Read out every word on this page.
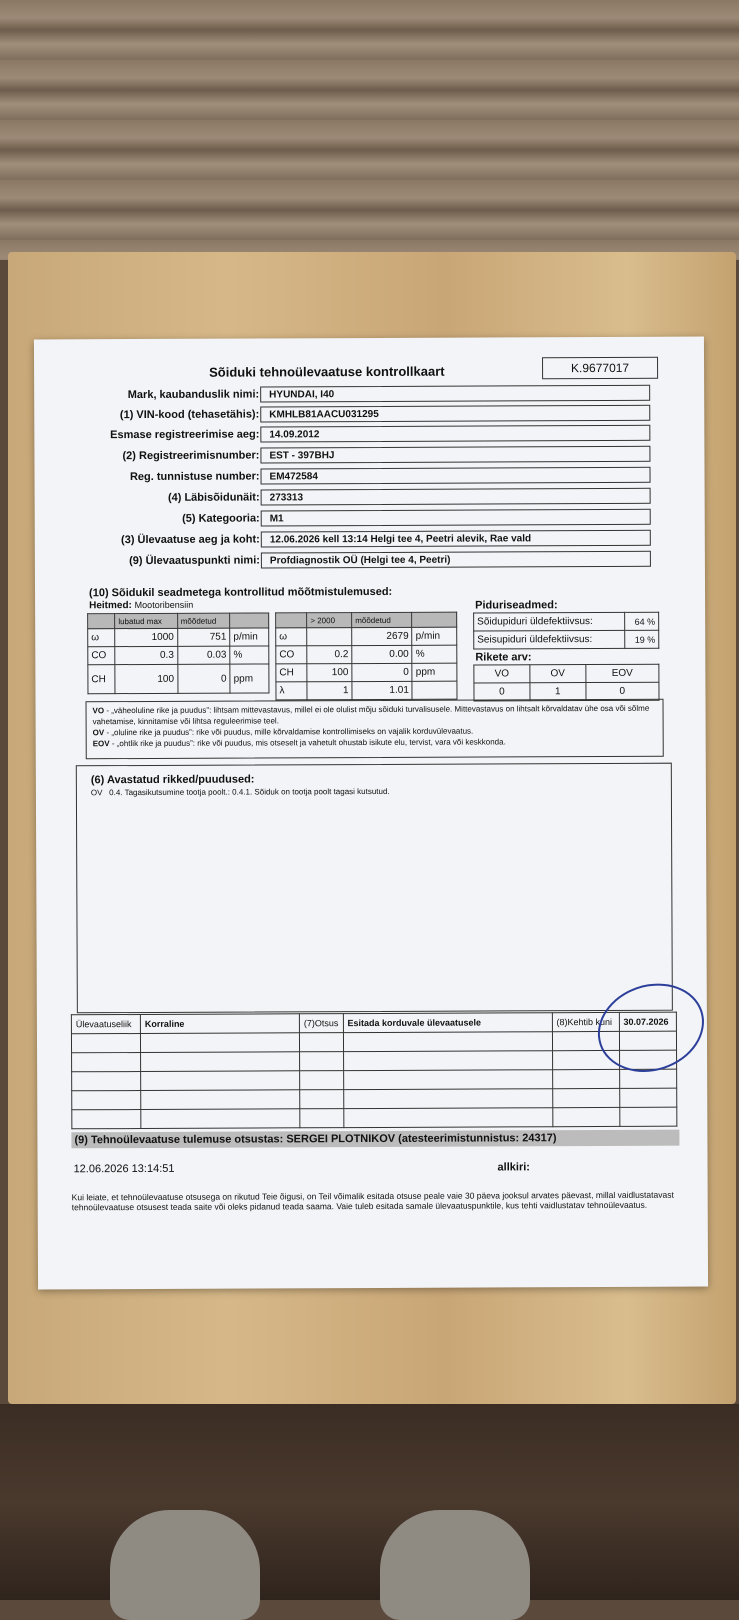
Sõiduki tehnoülevaatuse kontrollkaart	K.9677017
Mark, kaubanduslik nimi: HYUNDAI, I40
(1) VIN-kood (tehasetähis): KMHLB81AACU031295
Esmase registreerimise aeg: 14.09.2012
(2) Registreerimisnumber: EST - 397BHJ
Reg. tunnistuse number: EM472584
(4) Läbisõidunäit: 273313
(5) Kategooria: M1
(3) Ülevaatuse aeg ja koht: 12.06.2026 kell 13:14 Helgi tee 4, Peetri alevik, Rae vald
(9) Ülevaatuspunkti nimi: Profdiagnostik OÜ (Helgi tee 4, Peetri)
(10) Sõidukil seadmetega kontrollitud mõõtmistulemused:
Heitmed: Mootoribensiin
	lubatud max	mõõdetud	
ω	1000	751	p/min
CO	0.3	0.03	%
CH	100	0	ppm
	> 2000	mõõdetud	
ω		2679	p/min
CO	0.2	0.00	%
CH	100	0	ppm
λ	1	1.01	
Piduriseadmed:
Sõidupiduri üldefektiivsus:	64 %
Seisupiduri üldefektiivsus:	19 %
Rikete arv:
VO	OV	EOV
0	1	0
VO - „väheoluline rike ja puudus”: lihtsam mittevastavus, millel ei ole olulist mõju sõiduki turvalisusele. Mittevastavus on lihtsalt kõrvaldatav ühe osa või sõlme vahetamise, kinnitamise või lihtsa reguleerimise teel.
OV - „oluline rike ja puudus”: rike või puudus, mille kõrvaldamise kontrollimiseks on vajalik korduvülevaatus.
EOV - „ohtlik rike ja puudus”: rike või puudus, mis otseselt ja vahetult ohustab isikute elu, tervist, vara või keskkonda.
(6) Avastatud rikked/puudused:
OV   0.4. Tagasikutsumine tootja poolt.: 0.4.1. Sõiduk on tootja poolt tagasi kutsutud.
Ülevaatuseliik	Korraline	(7)Otsus	Esitada korduvale ülevaatusele	(8)Kehtib kuni	30.07.2026

(9) Tehnoülevaatuse tulemuse otsustas: SERGEI PLOTNIKOV (atesteerimistunnistus: 24317)
12.06.2026 13:14:51	allkiri:
Kui leiate, et tehnoülevaatuse otsusega on rikutud Teie õigusi, on Teil võimalik esitada otsuse peale vaie 30 päeva jooksul arvates päevast, millal vaidlustatavast tehnoülevaatuse otsusest teada saite või oleks pidanud teada saama. Vaie tuleb esitada samale ülevaatuspunktile, kus tehti vaidlustatav tehnoülevaatus.
